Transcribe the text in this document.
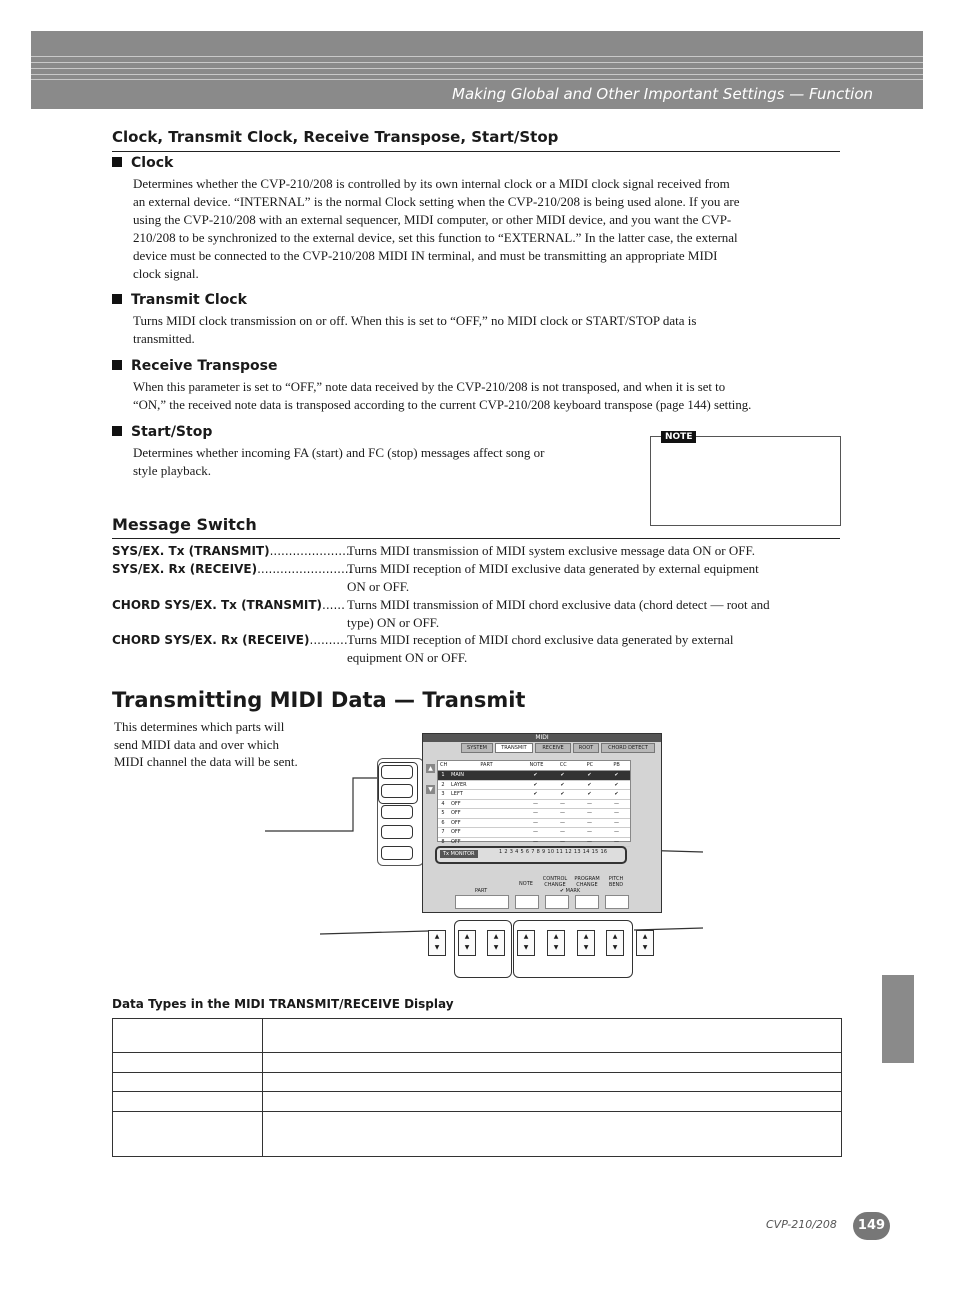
Making Global and Other Important Settings — Function
Clock, Transmit Clock, Receive Transpose, Start/Stop
Clock
Determines whether the CVP-210/208 is controlled by its own internal clock or a MIDI clock signal received from
an external device. “INTERNAL” is the normal Clock setting when the CVP-210/208 is being used alone. If you are
using the CVP-210/208 with an external sequencer, MIDI computer, or other MIDI device, and you want the CVP-
210/208 to be synchronized to the external device, set this function to “EXTERNAL.” In the latter case, the external
device must be connected to the CVP-210/208 MIDI IN terminal, and must be transmitting an appropriate MIDI
clock signal.
Transmit Clock
Turns MIDI clock transmission on or off. When this is set to “OFF,” no MIDI clock or START/STOP data is
transmitted.
Receive Transpose
When this parameter is set to “OFF,” note data received by the CVP-210/208 is not transposed, and when it is set to
“ON,” the received note data is transposed according to the current CVP-210/208 keyboard transpose (page 144) setting.
Start/Stop
Determines whether incoming FA (start) and FC (stop) messages affect song or
style playback.
NOTE
Message Switch
SYS/EX. Tx (TRANSMIT).....................
Turns MIDI transmission of MIDI system exclusive message data ON or OFF.
SYS/EX. Rx (RECEIVE).........................
Turns MIDI reception of MIDI exclusive data generated by external equipment
ON or OFF.
CHORD SYS/EX. Tx (TRANSMIT)...... Turns MIDI transmission of MIDI chord exclusive data (chord detect — root and
type) ON or OFF.
CHORD SYS/EX. Rx (RECEIVE).......... Turns MIDI reception of MIDI chord exclusive data generated by external
equipment ON or OFF.
Transmitting MIDI Data — Transmit
This determines which parts will
send MIDI data and over which
MIDI channel the data will be sent.
MIDI
SYSTEM	TRANSMIT	RECEIVE	ROOT	CHORD DETECT
▲
▼
CH	PART	NOTE	CC	PC	PB
1	MAIN	✔	✔	✔	✔
2	LAYER	✔	✔	✔	✔
3	LEFT	✔	✔	✔	✔
4	OFF	—	—	—	—
5	OFF	—	—	—	—
6	OFF	—	—	—	—
7	OFF	—	—	—	—
8	OFF	—	—	—	—
Tx MONITOR	1 2 3 4 5 6 7 8 9 10 11 12 13 14 15 16
PART
NOTE
CONTROL CHANGE
PROGRAM CHANGE
PITCH BEND
✔ MARK
▲
▼
▲
▼
▲
▼
▲
▼
▲
▼
▲
▼
▲
▼
▲
▼
Data Types in the MIDI TRANSMIT/RECEIVE Display

CVP-210/208	149
